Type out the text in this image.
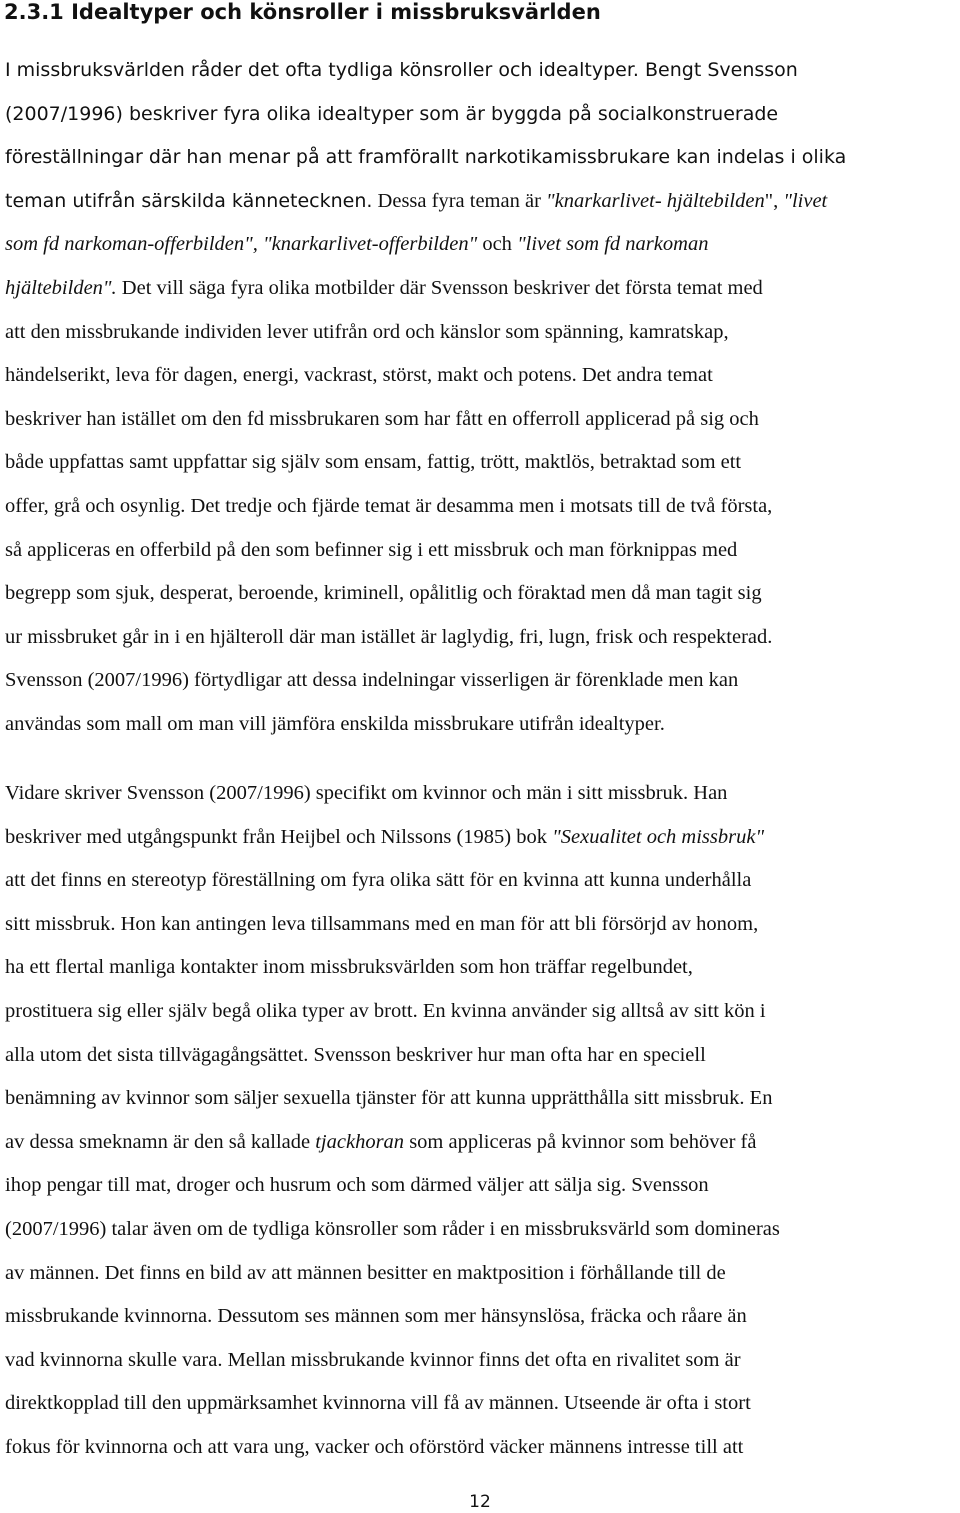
2.3.1 Idealtyper och könsroller i missbruksvärlden
I missbruksvärlden råder det ofta tydliga könsroller och idealtyper. Bengt Svensson
(2007/1996) beskriver fyra olika idealtyper som är byggda på socialkonstruerade
föreställningar där han menar på att framförallt narkotikamissbrukare kan indelas i olika
teman utifrån särskilda kännetecknen. Dessa fyra teman är "knarkarlivet- hjältebilden", "livet
som fd narkoman-offerbilden", "knarkarlivet-offerbilden" och "livet som fd narkoman
hjältebilden". Det vill säga fyra olika motbilder där Svensson beskriver det första temat med
att den missbrukande individen lever utifrån ord och känslor som spänning, kamratskap,
händelserikt, leva för dagen, energi, vackrast, störst, makt och potens. Det andra temat
beskriver han istället om den fd missbrukaren som har fått en offerroll applicerad på sig och
både uppfattas samt uppfattar sig själv som ensam, fattig, trött, maktlös, betraktad som ett
offer, grå och osynlig. Det tredje och fjärde temat är desamma men i motsats till de två första,
så appliceras en offerbild på den som befinner sig i ett missbruk och man förknippas med
begrepp som sjuk, desperat, beroende, kriminell, opålitlig och föraktad men då man tagit sig
ur missbruket går in i en hjälteroll där man istället är laglydig, fri, lugn, frisk och respekterad.
Svensson (2007/1996) förtydligar att dessa indelningar visserligen är förenklade men kan
användas som mall om man vill jämföra enskilda missbrukare utifrån idealtyper.
Vidare skriver Svensson (2007/1996) specifikt om kvinnor och män i sitt missbruk. Han
beskriver med utgångspunkt från Heijbel och Nilssons (1985) bok "Sexualitet och missbruk"
att det finns en stereotyp föreställning om fyra olika sätt för en kvinna att kunna underhålla
sitt missbruk. Hon kan antingen leva tillsammans med en man för att bli försörjd av honom,
ha ett flertal manliga kontakter inom missbruksvärlden som hon träffar regelbundet,
prostituera sig eller själv begå olika typer av brott. En kvinna använder sig alltså av sitt kön i
alla utom det sista tillvägagångsättet. Svensson beskriver hur man ofta har en speciell
benämning av kvinnor som säljer sexuella tjänster för att kunna upprätthålla sitt missbruk. En
av dessa smeknamn är den så kallade tjackhoran som appliceras på kvinnor som behöver få
ihop pengar till mat, droger och husrum och som därmed väljer att sälja sig. Svensson
(2007/1996) talar även om de tydliga könsroller som råder i en missbruksvärld som domineras
av männen. Det finns en bild av att männen besitter en maktposition i förhållande till de
missbrukande kvinnorna. Dessutom ses männen som mer hänsynslösa, fräcka och råare än
vad kvinnorna skulle vara. Mellan missbrukande kvinnor finns det ofta en rivalitet som är
direktkopplad till den uppmärksamhet kvinnorna vill få av männen. Utseende är ofta i stort
fokus för kvinnorna och att vara ung, vacker och oförstörd väcker männens intresse till att
12
